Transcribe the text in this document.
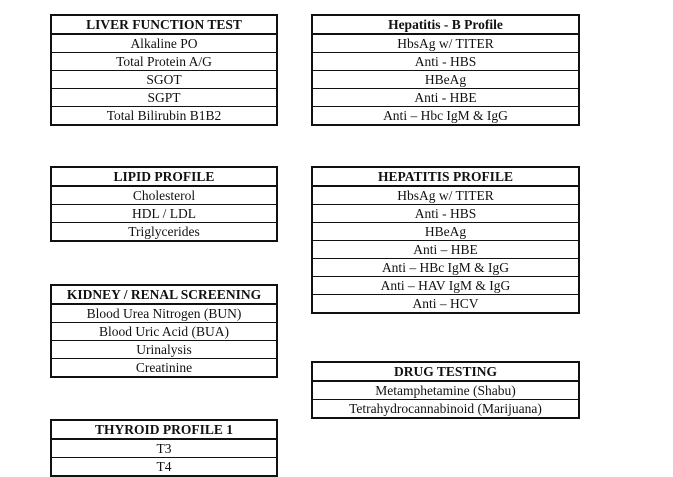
LIVER FUNCTION TEST
Alkaline PO
Total Protein A/G
SGOT
SGPT
Total Bilirubin B1B2
Hepatitis - B Profile
HbsAg w/ TITER
Anti - HBS
HBeAg
Anti - HBE
Anti – Hbc IgM & IgG
LIPID PROFILE
Cholesterol
HDL / LDL
Triglycerides
HEPATITIS PROFILE
HbsAg w/ TITER
Anti - HBS
HBeAg
Anti – HBE
Anti – HBc IgM & IgG
Anti – HAV IgM & IgG
Anti – HCV
KIDNEY / RENAL SCREENING
Blood Urea Nitrogen (BUN)
Blood Uric Acid (BUA)
Urinalysis
Creatinine	DRUG TESTING
Metamphetamine (Shabu)
Tetrahydrocannabinoid (Marijuana)
THYROID PROFILE 1
T3
T4
